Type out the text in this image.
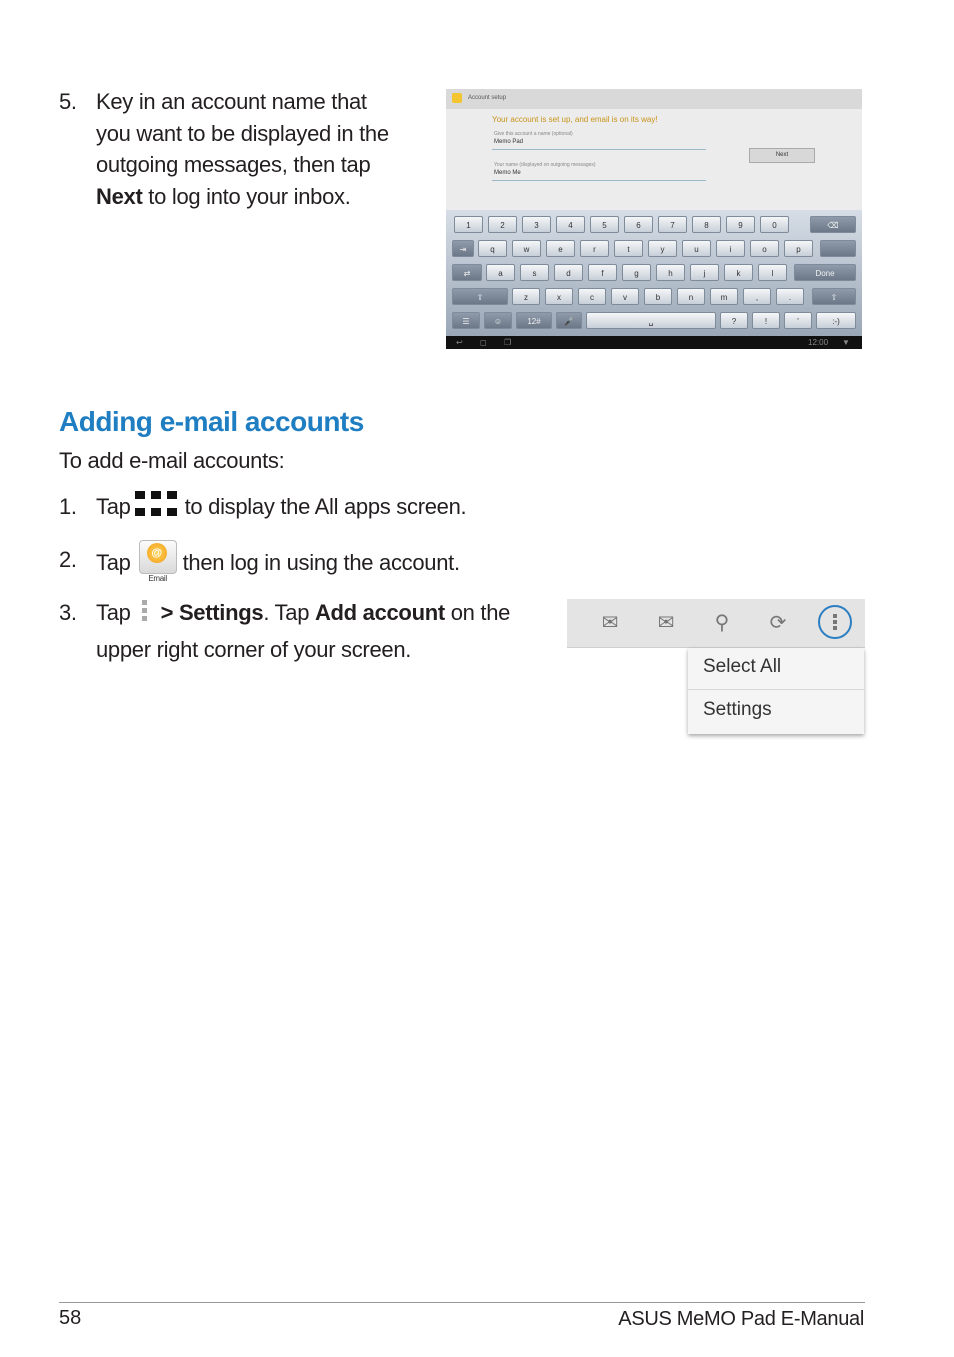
5. Key in an account name that
you want to be displayed in the
outgoing messages, then tap
Next to log into your inbox.
Account setup
Your account is set up, and email is on its way!
Give this account a name (optional)
Memo Pad
Your name (displayed on outgoing messages)
Memo Me
Next
1	2	3	4	5	6	7	8	9	0	⌫
⇥	q	w	e	r	t	y	u	i	o	p
⇄	a	s	d	f	g	h	j	k	l	Done
⇧	z	x	c	v	b	n	m	,	.	⇧
☰	☺	12#	🎤	␣	?	!	'	:-)
↩ ◻ ❐	12:00 ▼
Adding e-mail accounts
To add e-mail accounts:
1. Tap to display the All apps screen.
2. Tap	@
Email
then log in using the account.
3. Tap > Settings. Tap Add account on the
upper right corner of your screen.
✉ ✉ ⚲ ⟳
Select All
Settings
58	ASUS MeMO Pad E-Manual
